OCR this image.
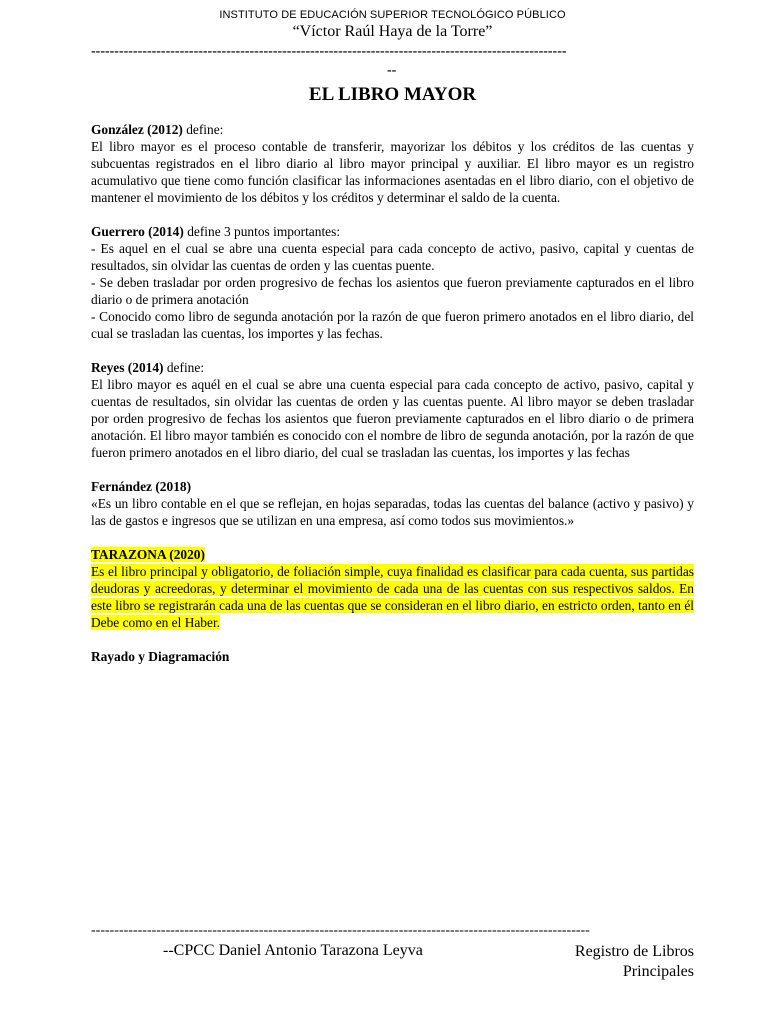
INSTITUTO DE EDUCACIÓN SUPERIOR TECNOLÓGICO PÚBLICO
“Víctor Raúl Haya de la Torre”
------------------------------------------------------------------------------------------------------
--
EL LIBRO MAYOR

González (2012) define:

El libro mayor es el proceso contable de transferir, mayorizar los débitos y los créditos de las cuentas y subcuentas registrados en el libro diario al libro mayor principal y auxiliar. El libro mayor es un registro acumulativo que tiene como función clasificar las informaciones asentadas en el libro diario, con el objetivo de mantener el movimiento de los débitos y los créditos y determinar el saldo de la cuenta.

Guerrero (2014) define 3 puntos importantes:

- Es aquel en el cual se abre una cuenta especial para cada concepto de activo, pasivo, capital y cuentas de resultados, sin olvidar las cuentas de orden y las cuentas puente.

- Se deben trasladar por orden progresivo de fechas los asientos que fueron previamente capturados en el libro diario o de primera anotación

- Conocido como libro de segunda anotación por la razón de que fueron primero anotados en el libro diario, del cual se trasladan las cuentas, los importes y las fechas.

Reyes (2014) define:

El libro mayor es aquél en el cual se abre una cuenta especial para cada concepto de activo, pasivo, capital y cuentas de resultados, sin olvidar las cuentas de orden y las cuentas puente. Al libro mayor se deben trasladar por orden progresivo de fechas los asientos que fueron previamente capturados en el libro diario o de primera anotación. El libro mayor también es conocido con el nombre de libro de segunda anotación, por la razón de que fueron primero anotados en el libro diario, del cual se trasladan las cuentas, los importes y las fechas

Fernández (2018)

«Es un libro contable en el que se reflejan, en hojas separadas, todas las cuentas del balance (activo y pasivo) y las de gastos e ingresos que se utilizan en una empresa, así como todos sus movimientos.»

TARAZONA (2020)

Es el libro principal y obligatorio, de foliación simple, cuya finalidad es clasificar para cada cuenta, sus partidas deudoras y acreedoras, y determinar el movimiento de cada una de las cuentas con sus respectivos saldos. En este libro se registrarán cada una de las cuentas que se consideran en el libro diario, en estricto orden, tanto en él Debe como en el Haber.

Rayado y Diagramación

-----------------------------------------------------------------------------------------------------------
--CPCC Daniel Antonio Tarazona Leyva	Registro de Libros
Principales
